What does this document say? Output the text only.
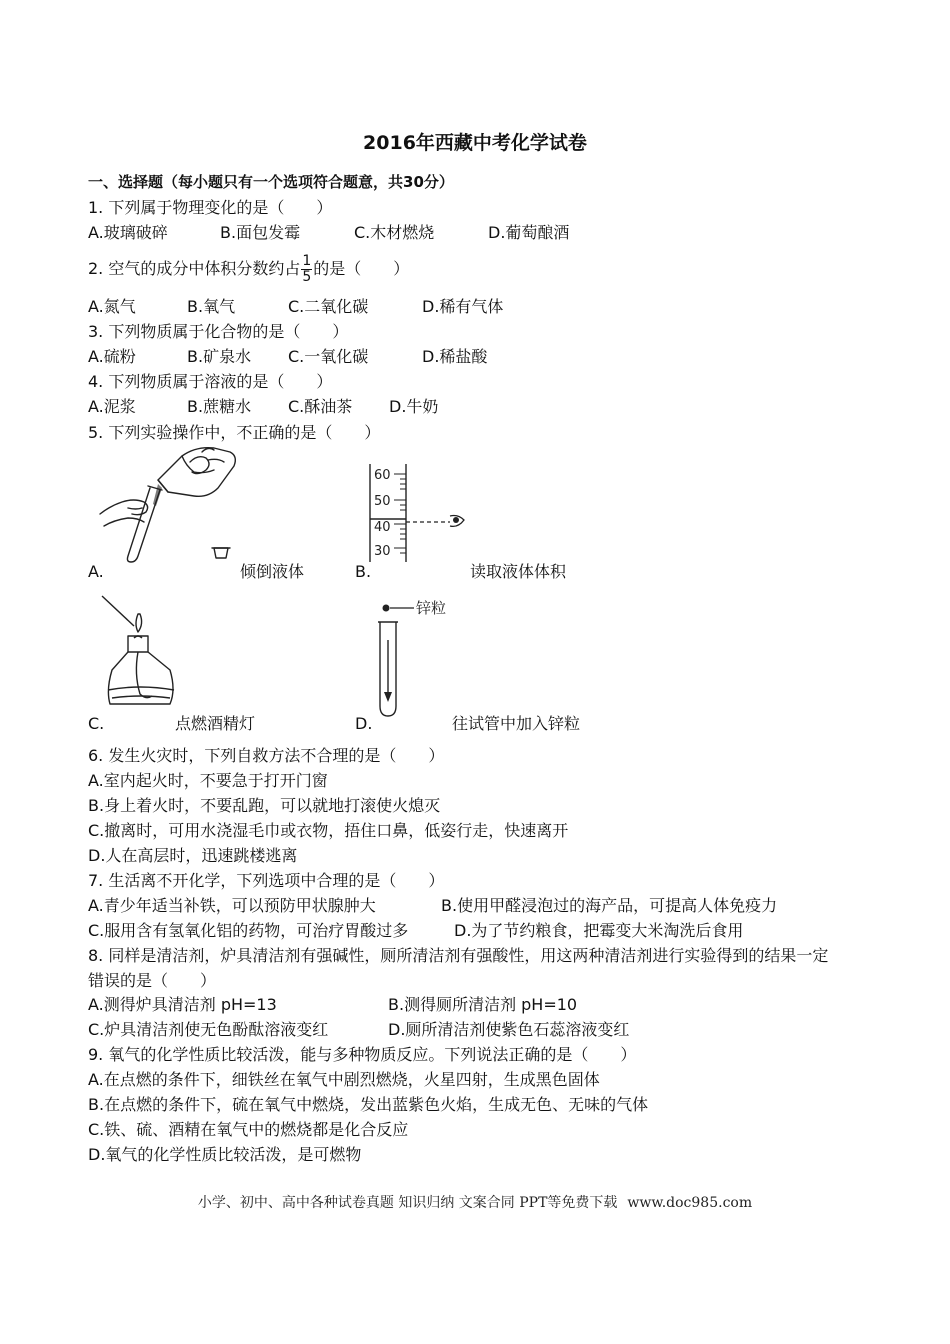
2016年西藏中考化学试卷
一、选择题（每小题只有一个选项符合题意，共30分）
1. 下列属于物理变化的是（　　）
A.玻璃破碎	B.面包发霉	C.木材燃烧	D.葡萄酿酒
2. 空气的成分中体积分数约占 $\frac{1}{5}$ 的是（　　）
A.氮气	B.氧气	C.二氧化碳	D.稀有气体
3. 下列物质属于化合物的是（　　）
A.硫粉	B.矿泉水 C.一氧化碳	D.稀盐酸
4. 下列物质属于溶液的是（　　）
A.泥浆	B.蔗糖水 C.酥油茶 D.牛奶
5. 下列实验操作中，不正确的是（　　）
A.	倾倒液体
60
50
40
30
B.	读取液体体积
C.	点燃酒精灯
锌粒
D.	往试管中加入锌粒
6. 发生火灾时，下列自救方法不合理的是（　　）
A.室内起火时，不要急于打开门窗
B.身上着火时，不要乱跑，可以就地打滚使火熄灭
C.撤离时，可用水浇湿毛巾或衣物，捂住口鼻，低姿行走，快速离开
D.人在高层时，迅速跳楼逃离
7. 生活离不开化学，下列选项中合理的是（　　）
A.青少年适当补铁，可以预防甲状腺肿大	B.使用甲醛浸泡过的海产品，可提高人体免疫力
C.服用含有氢氧化铝的药物，可治疗胃酸过多	D.为了节约粮食，把霉变大米淘洗后食用
8. 同样是清洁剂，炉具清洁剂有强碱性，厕所清洁剂有强酸性，用这两种清洁剂进行实验得到的结果一定
错误的是（　　）
A.测得炉具清洁剂 pH=13	B.测得厕所清洁剂 pH=10
C.炉具清洁剂使无色酚酞溶液变红	D.厕所清洁剂使紫色石蕊溶液变红
9. 氧气的化学性质比较活泼，能与多种物质反应。下列说法正确的是（　　）
A.在点燃的条件下，细铁丝在氧气中剧烈燃烧，火星四射，生成黑色固体
B.在点燃的条件下，硫在氧气中燃烧，发出蓝紫色火焰，生成无色、无味的气体
C.铁、硫、酒精在氧气中的燃烧都是化合反应
D.氧气的化学性质比较活泼，是可燃物
小学、初中、高中各种试卷真题 知识归纳 文案合同 PPT等免费下载 www.doc985.com
